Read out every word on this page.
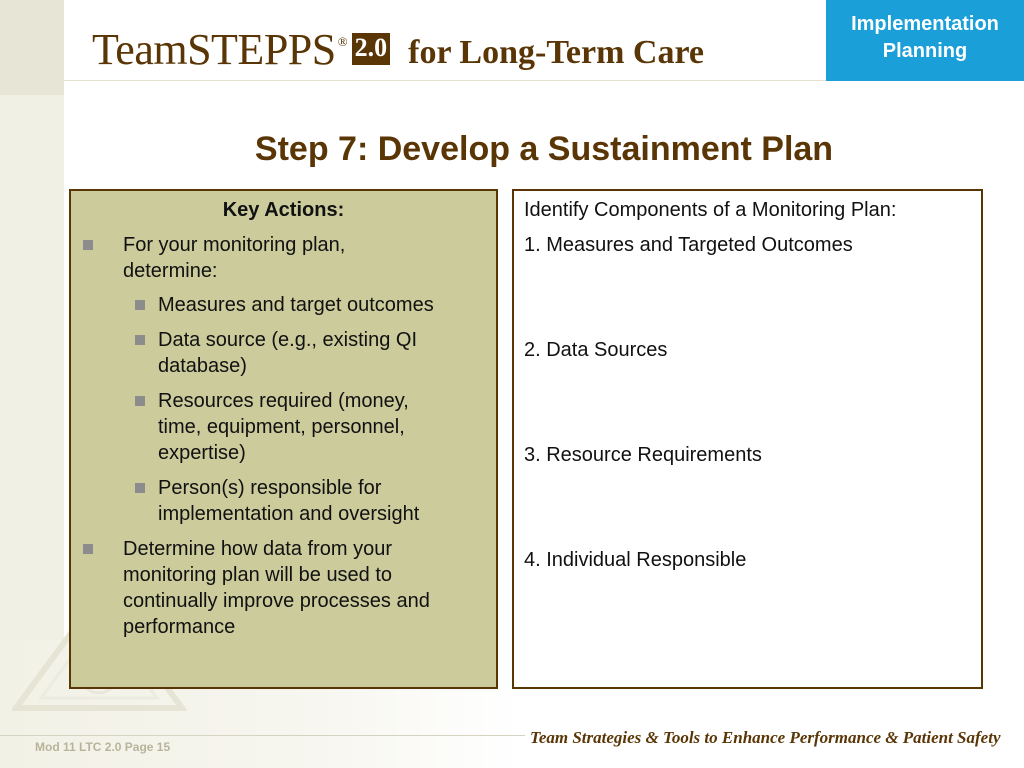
TeamSTEPPS ® 2.0 for Long-Term Care
Implementation
Planning
Step 7: Develop a Sustainment Plan
Key Actions:
For your monitoring plan,
determine:
Measures and target outcomes
Data source (e.g., existing QI
database)
Resources required (money,
time, equipment, personnel,
expertise)
Person(s) responsible for
implementation and oversight
Determine how data from your
monitoring plan will be used to
continually improve processes and
performance
Identify Components of a Monitoring Plan:
1. Measures and Targeted Outcomes
2. Data Sources
3. Resource Requirements
4. Individual Responsible
Mod 11 LTC 2.0 Page 15	Team Strategies & Tools to Enhance Performance & Patient Safety
